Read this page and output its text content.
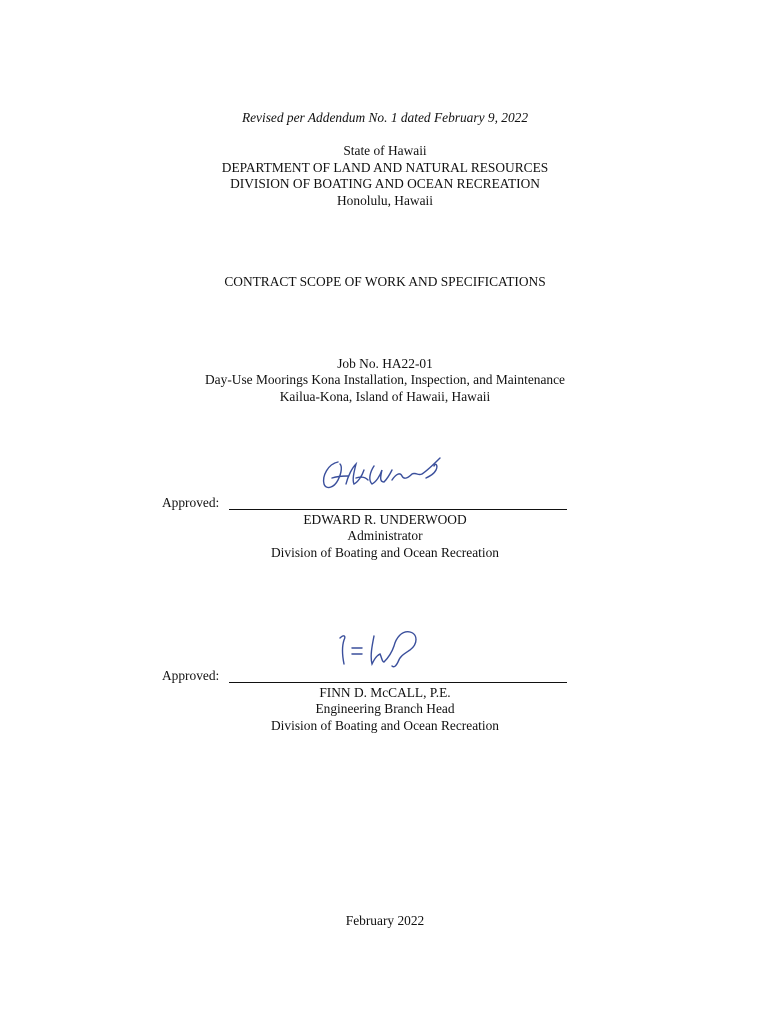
Revised per Addendum No. 1 dated February 9, 2022
State of Hawaii
DEPARTMENT OF LAND AND NATURAL RESOURCES
DIVISION OF BOATING AND OCEAN RECREATION
Honolulu, Hawaii
CONTRACT SCOPE OF WORK AND SPECIFICATIONS
Job No. HA22-01
Day-Use Moorings Kona Installation, Inspection, and Maintenance
Kailua-Kona, Island of Hawaii, Hawaii
Approved:
EDWARD R. UNDERWOOD
Administrator
Division of Boating and Ocean Recreation
Approved:
FINN D. McCALL, P.E.
Engineering Branch Head
Division of Boating and Ocean Recreation
February 2022
